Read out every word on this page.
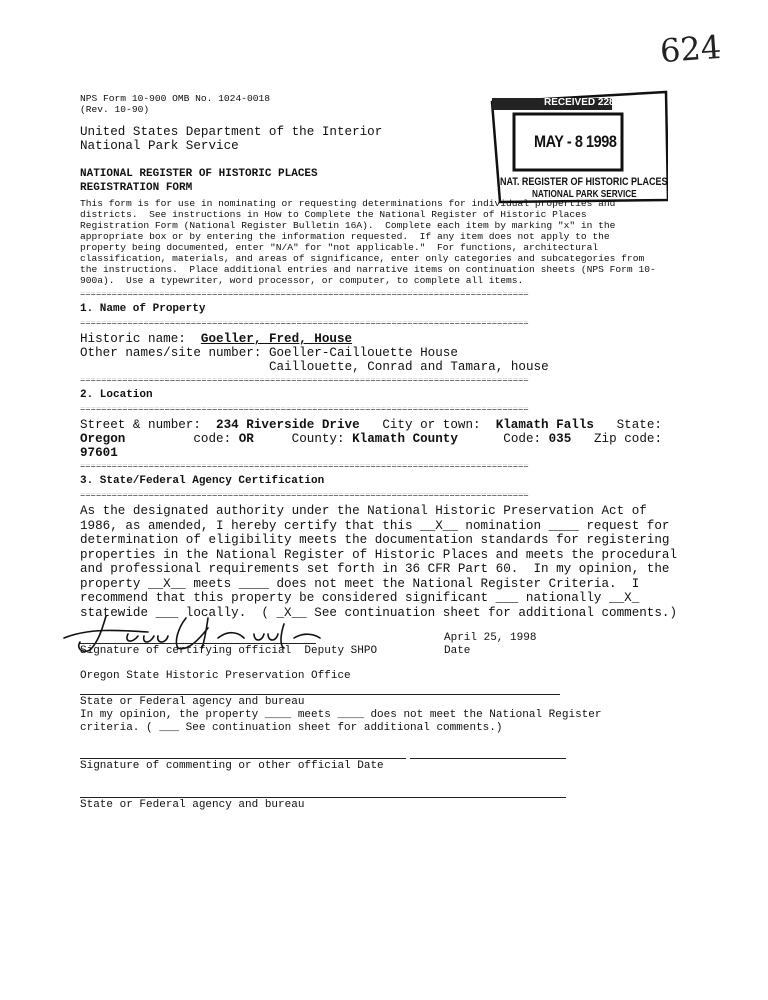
624
NPS Form 10-900 OMB No. 1024-0018
(Rev. 10-90)
United States Department of the Interior
National Park Service
NATIONAL REGISTER OF HISTORIC PLACES
REGISTRATION FORM
RECEIVED 2280
MAY - 8 1998
NAT. REGISTER OF HISTORIC PLACES
NATIONAL PARK SERVICE
This form is for use in nominating or requesting determinations for individual properties and
districts.  See instructions in How to Complete the National Register of Historic Places
Registration Form (National Register Bulletin 16A).  Complete each item by marking "x" in the
appropriate box or by entering the information requested.  If any item does not apply to the
property being documented, enter "N/A" for "not applicable."  For functions, architectural
classification, materials, and areas of significance, enter only categories and subcategories from
the instructions.  Place additional entries and narrative items on continuation sheets (NPS Form 10-
900a).  Use a typewriter, word processor, or computer, to complete all items.
=====================================================================================
1. Name of Property
=====================================================================================
Historic name:  Goeller, Fred, House
Other names/site number: Goeller-Caillouette House
Caillouette, Conrad and Tamara, house
=====================================================================================
2. Location
=====================================================================================
Street & number:  234 Riverside Drive   City or town:  Klamath Falls   State:
Oregon         code: OR     County: Klamath County      Code: 035   Zip code:
97601
=====================================================================================
3. State/Federal Agency Certification
=====================================================================================
As the designated authority under the National Historic Preservation Act of
1986, as amended, I hereby certify that this __X__ nomination ____ request for
determination of eligibility meets the documentation standards for registering
properties in the National Register of Historic Places and meets the procedural
and professional requirements set forth in 36 CFR Part 60.  In my opinion, the
property __X__ meets ____ does not meet the National Register Criteria.  I
recommend that this property be considered significant ___ nationally __X_
statewide ___ locally.  ( _X__ See continuation sheet for additional comments.)
Signature of certifying official  Deputy SHPO
April 25, 1998
Date
Oregon State Historic Preservation Office
State or Federal agency and bureau
In my opinion, the property ____ meets ____ does not meet the National Register
criteria. ( ___ See continuation sheet for additional comments.)
Signature of commenting or other official Date
State or Federal agency and bureau
